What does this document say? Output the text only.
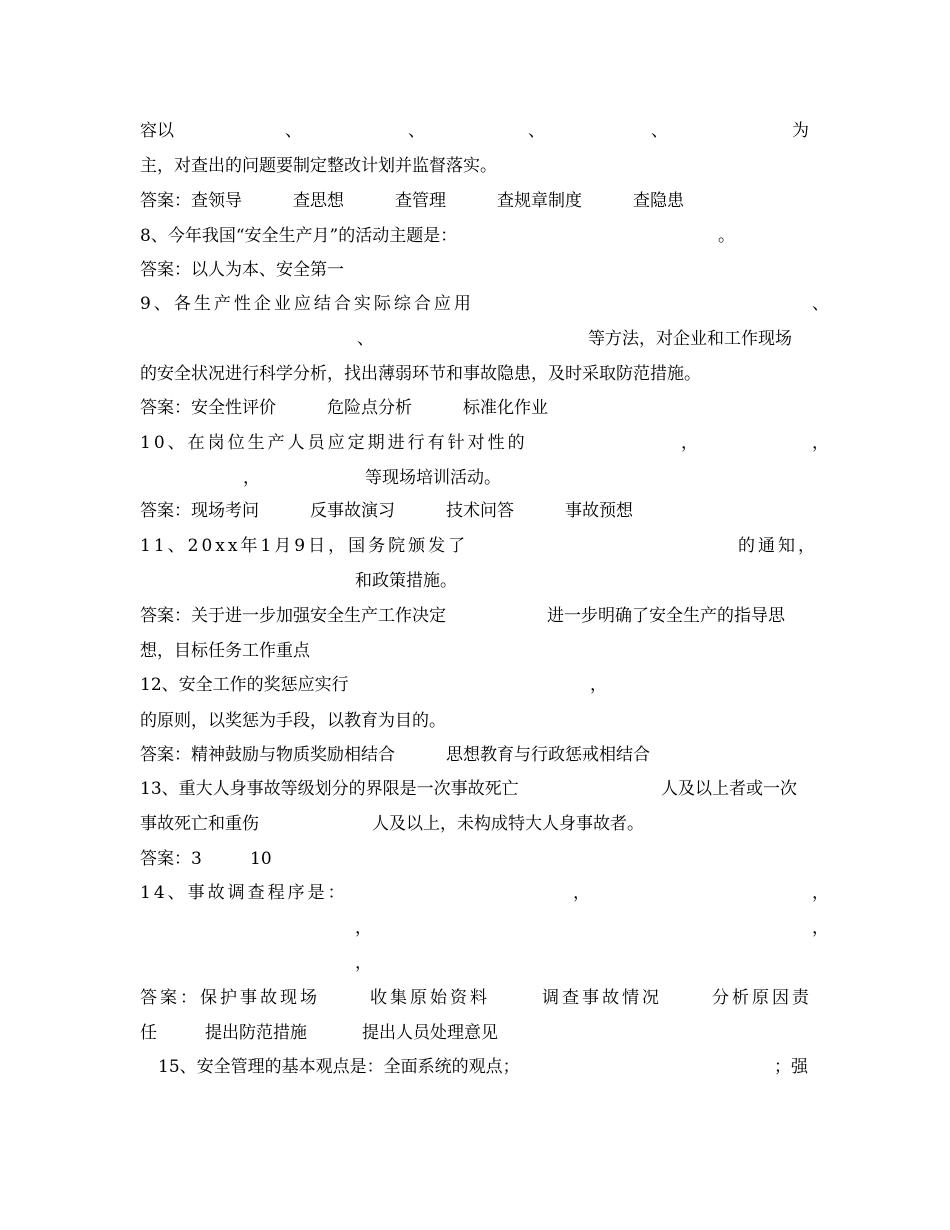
容以	、	、	、	、	为
主，对查出的问题要制定整改计划并监督落实。
答案：查领导　　　查思想　　　查管理　　　查规章制度　　　查隐患
8、今年我国“安全生产月”的活动主题是：	。
答案：以人为本、安全第一
9、各生产性企业应结合实际综合应用	、
、	等方法，对企业和工作现场
的安全状况进行科学分析，找出薄弱环节和事故隐患，及时采取防范措施。
答案：安全性评价　　　危险点分析　　　标准化作业
10、在岗位生产人员应定期进行有针对性的	，	，
，	等现场培训活动。
答案：现场考问　　　反事故演习　　　技术问答　　　事故预想
11、20xx年1月9日，国务院颁发了	的通知，
和政策措施。
答案：关于进一步加强安全生产工作决定	进一步明确了安全生产的指导思
想，目标任务工作重点
12、安全工作的奖惩应实行	，
的原则，以奖惩为手段，以教育为目的。
答案：精神鼓励与物质奖励相结合　　　思想教育与行政惩戒相结合
13、重大人身事故等级划分的界限是一次事故死亡	人及以上者或一次
事故死亡和重伤	人及以上，未构成特大人身事故者。
答案：3	10
14、事故调查程序是：	，	，
，	，
，
答案：保护事故现场	收集原始资料	调查事故情况	分析原因责
任	提出防范措施	提出人员处理意见
15、安全管理的基本观点是：全面系统的观点；	；强
